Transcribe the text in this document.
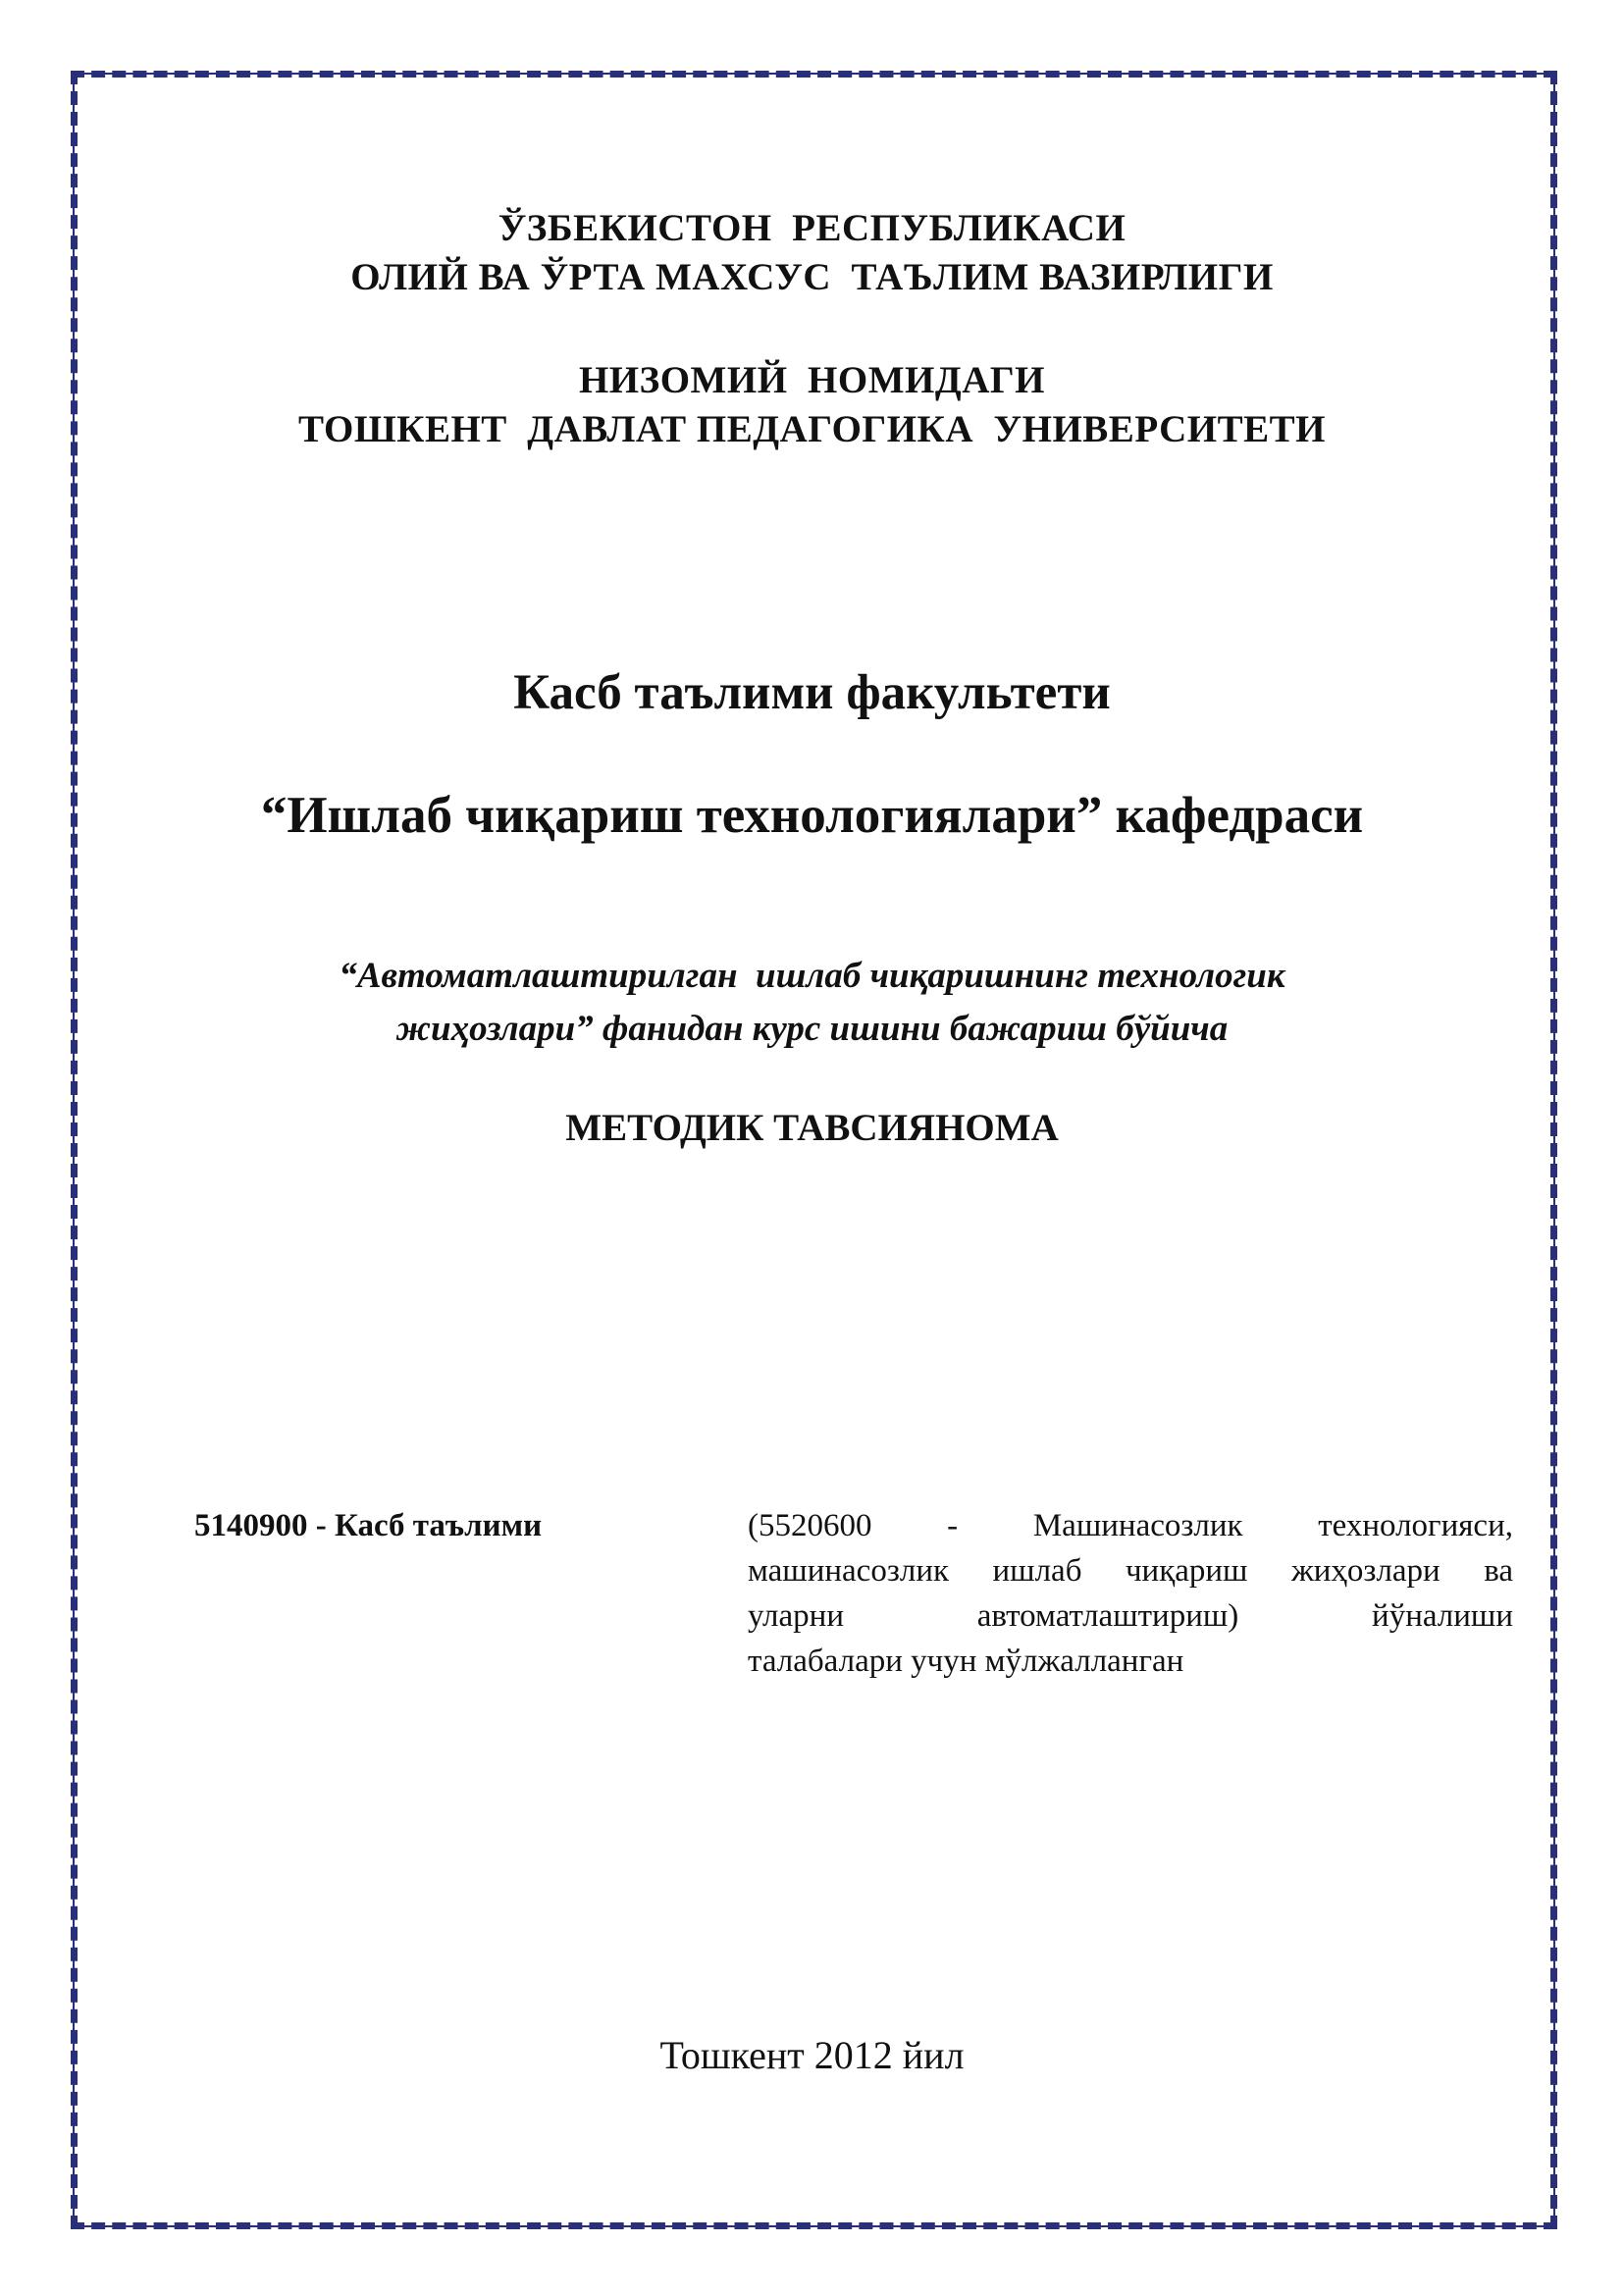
ЎЗБЕКИСТОН  РЕСПУБЛИКАСИ
ОЛИЙ ВА ЎРТА МАХСУС  ТАЪЛИМ ВАЗИРЛИГИ
НИЗОМИЙ  НОМИДАГИ
ТОШКЕНТ  ДАВЛАТ ПЕДАГОГИКА  УНИВЕРСИТЕТИ
Касб таълими факультети
“Ишлаб чиқариш технологиялари” кафедраси
“Автоматлаштирилган  ишлаб чиқаришнинг технологик
жиҳозлари” фанидан курс ишини бажариш бўйича
МЕТОДИК ТАВСИЯНОМА
5140900 - Касб таълими	(5520600 - Машинасозлик технологияси,
машинасозлик ишлаб чиқариш жиҳозлари ва
уларни автоматлаштириш) йўналиши
талабалари учун мўлжалланган
Тошкент 2012 йил
